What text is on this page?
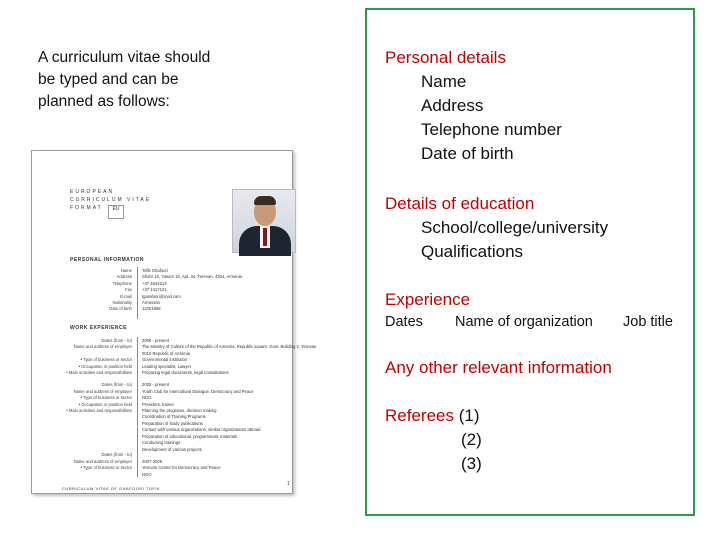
A curriculum vitae should
be typed and can be
planned as follows:
EUROPEAN
CURRICULUM VITAE
FORMAT	EU
PERSONAL INFORMATION
Name
Address
Telephone
Fax
E-mail
Nationality
Date of birth
Tofik Ghafoori
Shahr 10, Yasam 10, Apt. 44, Yerevan, 4304, Armenia
+37 4642213
+37 4417121
tgarafoori@mail.com
Armenian
12/3/1968
WORK EXPERIENCE
Dates (from - to)
Name and address of employer

• Type of business or sector
• Occupation or position held
• Main activities and responsibilities
Dates (from - to)
Name and address of employer
• Type of business or sector
• Occupation or position held
• Main activities and responsibilities
Dates (from - to)
Name and address of employer
• Type of business or sector
2006 - present
The Ministry of Culture of the Republic of Armenia, Republic square, Govt. Building 2, Yerevan
0010 Republic of Armenia
Governmental institution
Leading specialist, Lawyer
Preparing legal documents, legal consultations
2005 - present
Youth Club for intercultural Dialogue, Democracy and Peace
NGO
President, trainer
Planning the programs, decision making
Coordination of Training Programs
Preparation of study publications
Contact with various organizations, similar organizations abroad
Preparation of educational, programmatic materials
Conducting trainings
Development of various projects
2007-2009
Yerevan Center for Democracy and Peace
NGO
CURRICULUM VITAE OF GHAFOORI TOFIK
1
Personal details
Name
Address
Telephone number
Date of birth
Details of education
School/college/university
Qualifications
Experience
Dates Name of organization Job title
Any other relevant information
Referees (1)
(2)
(3)
